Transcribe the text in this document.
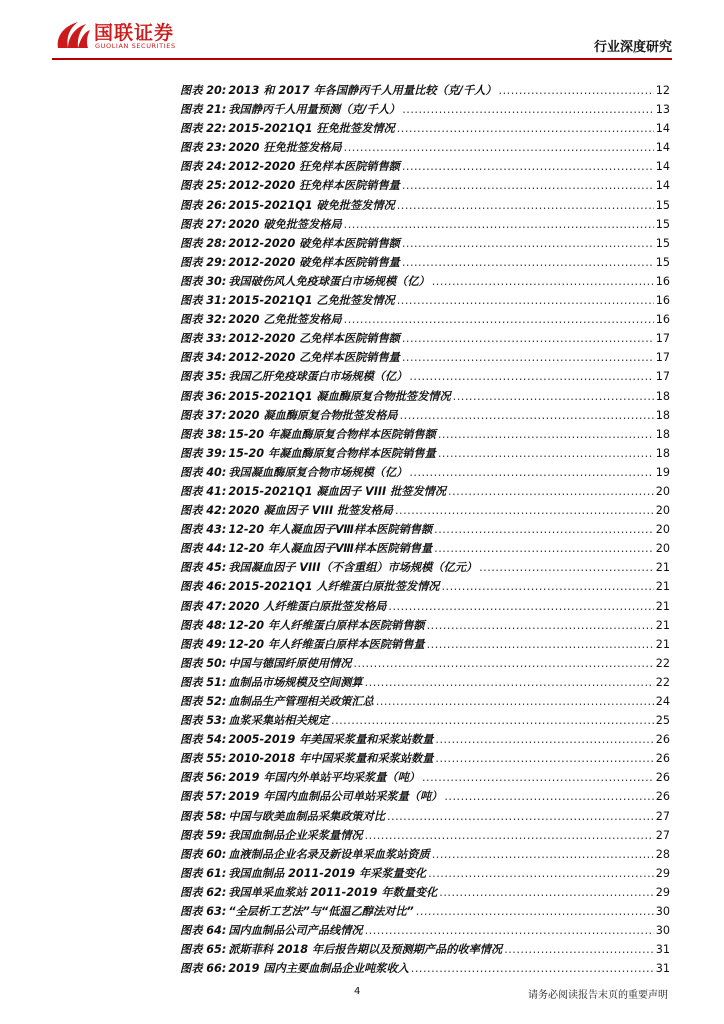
国联证券
GUOLIAN SECURITIES	行业深度研究
图表 20: 2013 和 2017 年各国静丙千人用量比较（克/千人） .....	12
图表 21: 我国静丙千人用量预测（克/千人） .....	13
图表 22: 2015-2021Q1 狂免批签发情况 .....	14
图表 23: 2020 狂免批签发格局 .....	14
图表 24: 2012-2020 狂免样本医院销售额 .....	14
图表 25: 2012-2020 狂免样本医院销售量 .....	14
图表 26: 2015-2021Q1 破免批签发情况 .....	15
图表 27: 2020 破免批签发格局 .....	15
图表 28: 2012-2020 破免样本医院销售额 .....	15
图表 29: 2012-2020 破免样本医院销售量 .....	15
图表 30: 我国破伤风人免疫球蛋白市场规模（亿） .....	16
图表 31: 2015-2021Q1 乙免批签发情况 .....	16
图表 32: 2020 乙免批签发格局 .....	16
图表 33: 2012-2020 乙免样本医院销售额 .....	17
图表 34: 2012-2020 乙免样本医院销售量 .....	17
图表 35: 我国乙肝免疫球蛋白市场规模（亿） .....	17
图表 36: 2015-2021Q1 凝血酶原复合物批签发情况 .....	18
图表 37: 2020 凝血酶原复合物批签发格局 .....	18
图表 38: 15-20 年凝血酶原复合物样本医院销售额 .....	18
图表 39: 15-20 年凝血酶原复合物样本医院销售量 .....	18
图表 40: 我国凝血酶原复合物市场规模（亿） .....	19
图表 41: 2015-2021Q1 凝血因子 VIII 批签发情况 .....	20
图表 42: 2020 凝血因子 VIII 批签发格局 .....	20
图表 43: 12-20 年人凝血因子Ⅷ样本医院销售额 .....	20
图表 44: 12-20 年人凝血因子Ⅷ样本医院销售量 .....	20
图表 45: 我国凝血因子 VIII（不含重组）市场规模（亿元） .....	21
图表 46: 2015-2021Q1 人纤维蛋白原批签发情况 .....	21
图表 47: 2020 人纤维蛋白原批签发格局 .....	21
图表 48: 12-20 年人纤维蛋白原样本医院销售额 .....	21
图表 49: 12-20 年人纤维蛋白原样本医院销售量 .....	21
图表 50: 中国与德国纤原使用情况 .....	22
图表 51: 血制品市场规模及空间测算 .....	22
图表 52: 血制品生产管理相关政策汇总 .....	24
图表 53: 血浆采集站相关规定 .....	25
图表 54: 2005-2019 年美国采浆量和采浆站数量 .....	26
图表 55: 2010-2018 年中国采浆量和采浆站数量 .....	26
图表 56: 2019 年国内外单站平均采浆量（吨） .....	26
图表 57: 2019 年国内血制品公司单站采浆量（吨） .....	26
图表 58: 中国与欧美血制品采集政策对比 .....	27
图表 59: 我国血制品企业采浆量情况 .....	27
图表 60: 血液制品企业名录及新设单采血浆站资质 .....	28
图表 61: 我国血制品 2011-2019 年采浆量变化 .....	29
图表 62: 我国单采血浆站 2011-2019 年数量变化 .....	29
图表 63: “全层析工艺法”与“低温乙醇法对比” .....	30
图表 64: 国内血制品公司产品线情况 .....	30
图表 65: 派斯菲科 2018 年后报告期以及预测期产品的收率情况 .....	31
图表 66: 2019 国内主要血制品企业吨浆收入 .....	31
4	请务必阅读报告末页的重要声明
